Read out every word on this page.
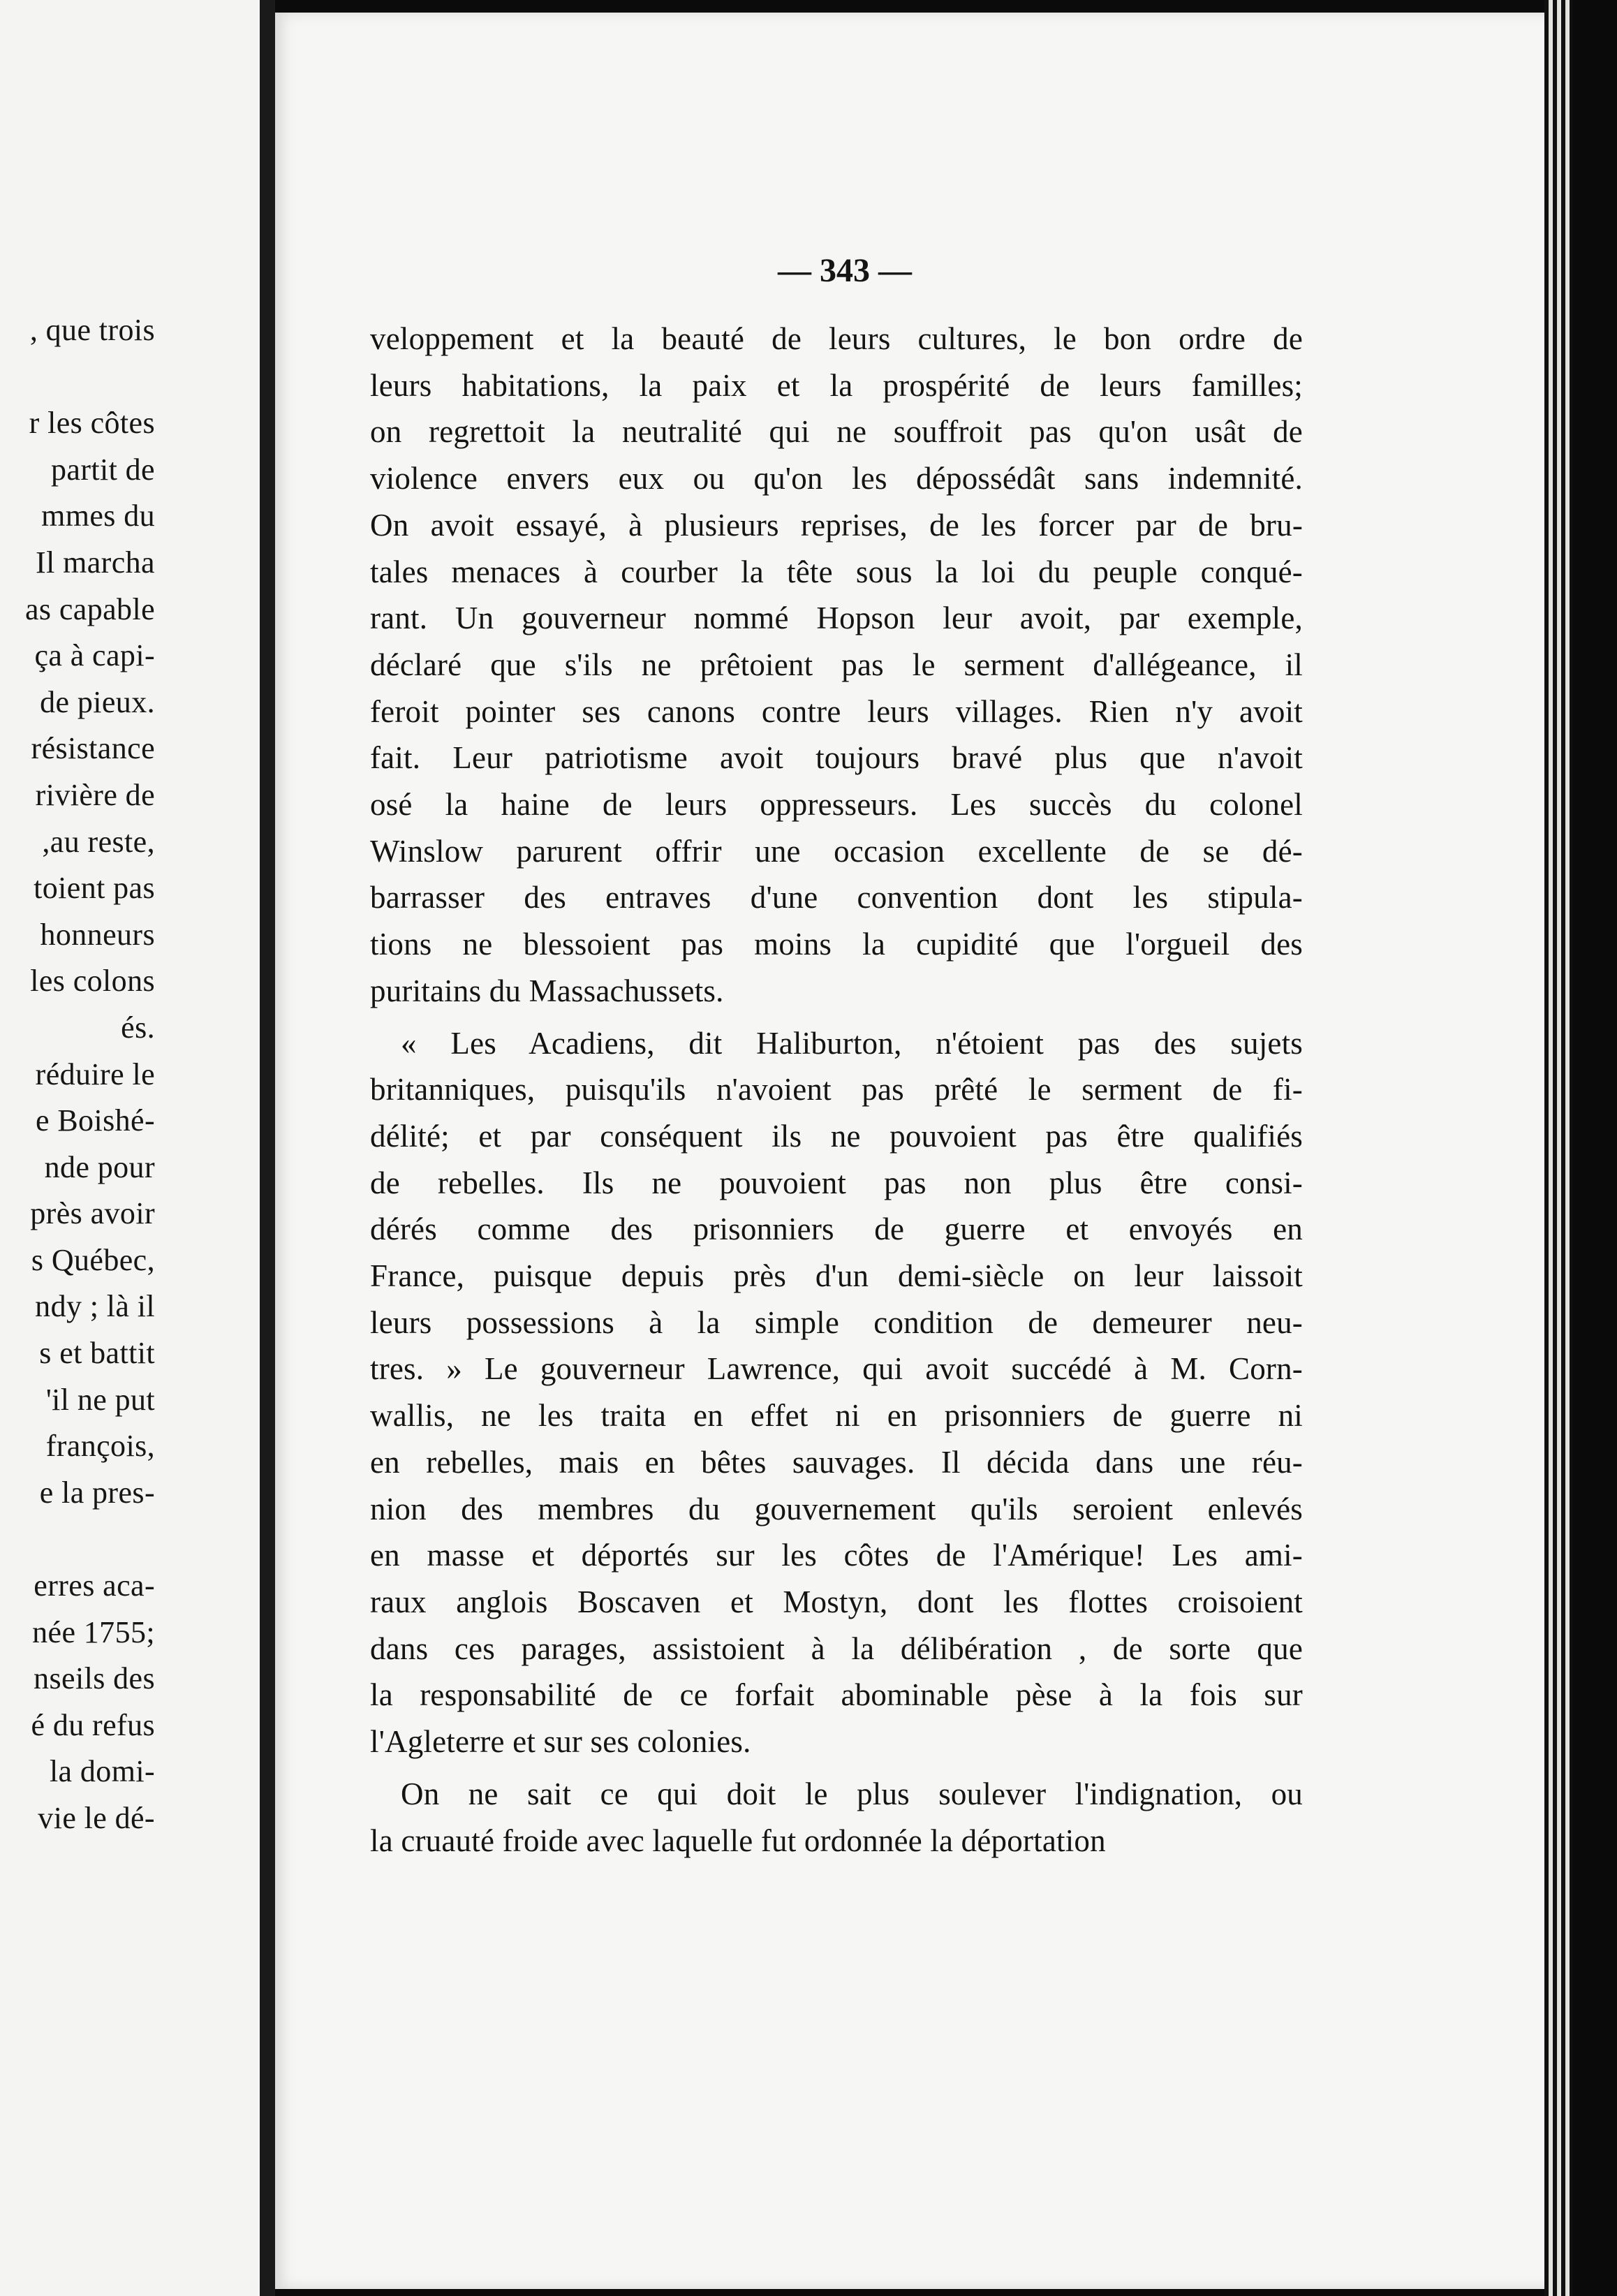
, que trois

r les côtes
partit de
mmes du
Il marcha
as capable
ça à capi-
de pieux.
résistance
rivière de
,au reste,
toient pas
honneurs
les colons
és.
réduire le
e Boishé-
nde pour
près avoir
s Québec,
ndy ; là il
s et battit
'il ne put
françois,
e la pres-

erres aca-
née 1755;
nseils des
é du refus
la domi-
vie le dé-
— 343 —
veloppement et la beauté de leurs cultures, le bon ordre de
leurs habitations, la paix et la prospérité de leurs familles;
on regrettoit la neutralité qui ne souffroit pas qu'on usât de
violence envers eux ou qu'on les dépossédât sans indemnité.
On avoit essayé, à plusieurs reprises, de les forcer par de bru-
tales menaces à courber la tête sous la loi du peuple conqué-
rant. Un gouverneur nommé Hopson leur avoit, par exemple,
déclaré que s'ils ne prêtoient pas le serment d'allégeance, il
feroit pointer ses canons contre leurs villages. Rien n'y avoit
fait. Leur patriotisme avoit toujours bravé plus que n'avoit
osé la haine de leurs oppresseurs. Les succès du colonel
Winslow parurent offrir une occasion excellente de se dé-
barrasser des entraves d'une convention dont les stipula-
tions ne blessoient pas moins la cupidité que l'orgueil des
puritains du Massachussets.
« Les Acadiens, dit Haliburton, n'étoient pas des sujets
britanniques, puisqu'ils n'avoient pas prêté le serment de fi-
délité; et par conséquent ils ne pouvoient pas être qualifiés
de rebelles. Ils ne pouvoient pas non plus être consi-
dérés comme des prisonniers de guerre et envoyés en
France, puisque depuis près d'un demi-siècle on leur laissoit
leurs possessions à la simple condition de demeurer neu-
tres. » Le gouverneur Lawrence, qui avoit succédé à M. Corn-
wallis, ne les traita en effet ni en prisonniers de guerre ni
en rebelles, mais en bêtes sauvages. Il décida dans une réu-
nion des membres du gouvernement qu'ils seroient enlevés
en masse et déportés sur les côtes de l'Amérique! Les ami-
raux anglois Boscaven et Mostyn, dont les flottes croisoient
dans ces parages, assistoient à la délibération , de sorte que
la responsabilité de ce forfait abominable pèse à la fois sur
l'Agleterre et sur ses colonies.
On ne sait ce qui doit le plus soulever l'indignation, ou
la cruauté froide avec laquelle fut ordonnée la déportation
